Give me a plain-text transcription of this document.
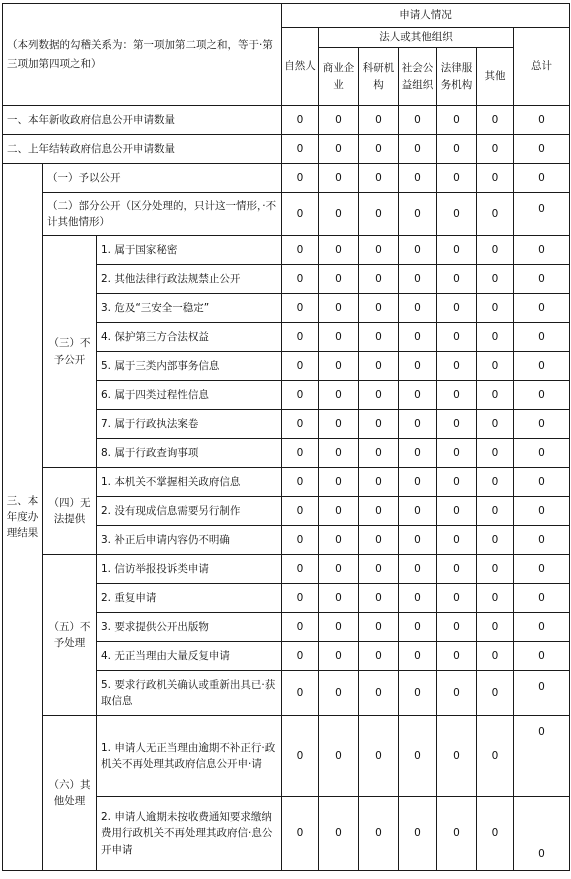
（本列数据的勾稽关系为：第一项加第二项之和，等于·第三项加第四项之和）			申请人情况						
			自然人	法人或其他组织					总计
				商业企业	科研机构	社会公益组织	法律服务机构	其他	
一、本年新收政府信息公开申请数量			0	0	0	0	0	0	0
二、上年结转政府信息公开申请数量			0	0	0	0	0	0	0
三、本年度办理结果	（一）予以公开		0	0	0	0	0	0	0
	（二）部分公开（区分处理的，只计这一情形，·不计其他情形）		0	0	0	0	0	0	0
	（三）不予公开	1. 属于国家秘密	0	0	0	0	0	0	0
		2. 其他法律行政法规禁止公开	0	0	0	0	0	0	0
		3. 危及“三安全一稳定”	0	0	0	0	0	0	0
		4. 保护第三方合法权益	0	0	0	0	0	0	0
		5. 属于三类内部事务信息	0	0	0	0	0	0	0
		6. 属于四类过程性信息	0	0	0	0	0	0	0
		7. 属于行政执法案卷	0	0	0	0	0	0	0
		8. 属于行政查询事项	0	0	0	0	0	0	0
	（四）无法提供	1. 本机关不掌握相关政府信息	0	0	0	0	0	0	0
		2. 没有现成信息需要另行制作	0	0	0	0	0	0	0
		3. 补正后申请内容仍不明确	0	0	0	0	0	0	0
	（五）不予处理	1. 信访举报投诉类申请	0	0	0	0	0	0	0
		2. 重复申请	0	0	0	0	0	0	0
		3. 要求提供公开出版物	0	0	0	0	0	0	0
		4. 无正当理由大量反复申请	0	0	0	0	0	0	0
		5. 要求行政机关确认或重新出具已·获取信息	0	0	0	0	0	0	0
	（六）其他处理	1. 申请人无正当理由逾期不补正行·政机关不再处理其政府信息公开申·请	0	0	0	0	0	0	0
		2. 申请人逾期未按收费通知要求缴纳费用行政机关不再处理其政府信·息公开申请	0	0	0	0	0	0	0
